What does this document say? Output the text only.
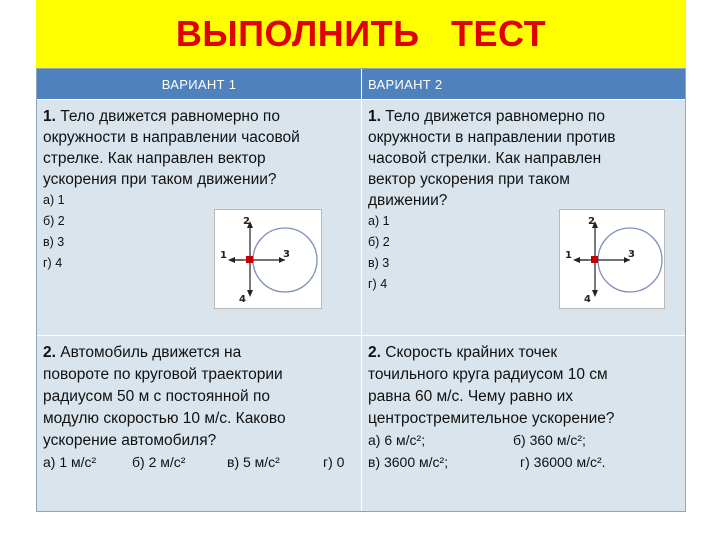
ВЫПОЛНИТЬ   ТЕСТ
ВАРИАНТ 1	ВАРИАНТ 2
1. Тело движется равномерно по
окружности в направлении часовой
стрелке. Как направлен вектор
ускорения при таком движении?
а) 1
б) 2
в) 3
г) 4
2
1	3
4
1. Тело движется равномерно по
окружности в направлении против
часовой стрелки. Как направлен
вектор ускорения при таком
движении?
а) 1
б) 2
в) 3
г) 4
2
1	3
4
2. Автомобиль движется на
повороте по круговой траектории
радиусом 50 м с постоянной по
модулю скоростью 10 м/с. Каково
ускорение автомобиля?
а) 1 м/с²	б) 2 м/с²	в) 5 м/с²	г) 0
2. Скорость крайних точек
точильного круга радиусом 10 см
равна 60 м/с. Чему равно их
центростремительное ускорение?
а) 6 м/с²;	б) 360 м/с²;
в) 3600 м/с²;	г) 36000 м/с².
